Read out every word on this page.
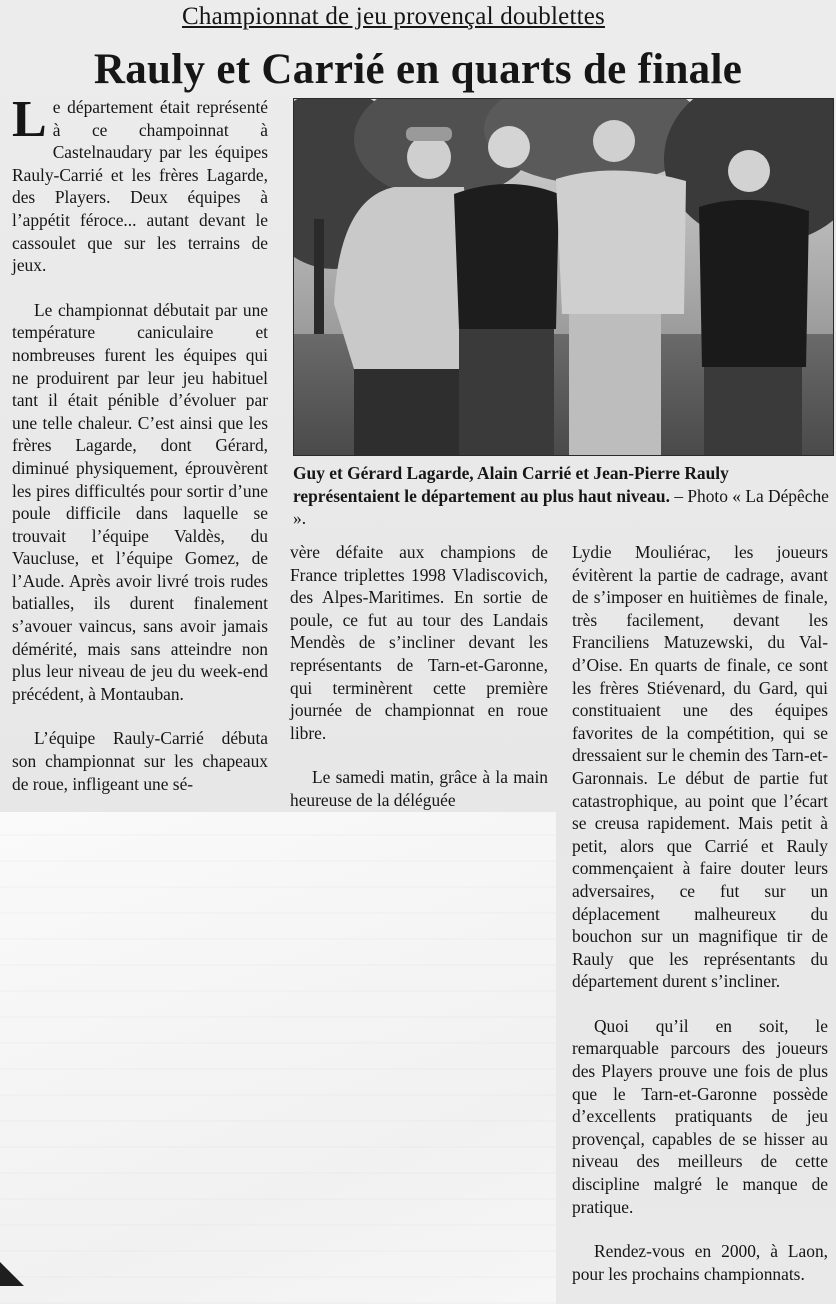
Championnat de jeu provençal doublettes
Rauly et Carrié en quarts de finale

Le département était représenté à ce champoinnat à Castelnaudary par les équipes Rauly-Carrié et les frères Lagarde, des Players. Deux équipes à l’appétit féroce... autant devant le cassoulet que sur les terrains de jeux.

Le championnat débutait par une température caniculaire et nombreuses furent les équipes qui ne produirent par leur jeu habituel tant il était pénible d’évoluer par une telle chaleur. C’est ainsi que les frères Lagarde, dont Gérard, diminué physiquement, éprouvèrent les pires difficultés pour sortir d’une poule difficile dans laquelle se trouvait l’équipe Valdès, du Vaucluse, et l’équipe Gomez, de l’Aude. Après avoir livré trois rudes batialles, ils durent finalement s’avouer vaincus, sans avoir jamais démérité, mais sans atteindre non plus leur niveau de jeu du week-end précédent, à Montauban.

L’équipe Rauly-Carrié débuta son championnat sur les chapeaux de roue, infligeant une sé-

Guy et Gérard Lagarde, Alain Carrié et Jean-Pierre Rauly représentaient le département au plus haut niveau. – Photo « La Dépêche ».

vère défaite aux champions de France triplettes 1998 Vladiscovich, des Alpes-Maritimes. En sortie de poule, ce fut au tour des Landais Mendès de s’incliner devant les représentants de Tarn-et-Garonne, qui terminèrent cette première journée de championnat en roue libre.

Le samedi matin, grâce à la main heureuse de la déléguée

Lydie Mouliérac, les joueurs évitèrent la partie de cadrage, avant de s’imposer en huitièmes de finale, très facilement, devant les Franciliens Matuzewski, du Val-d’Oise. En quarts de finale, ce sont les frères Stiévenard, du Gard, qui constituaient une des équipes favorites de la compétition, qui se dressaient sur le chemin des Tarn-et-Garonnais. Le début de partie fut catastrophique, au point que l’écart se creusa rapidement. Mais petit à petit, alors que Carrié et Rauly commençaient à faire douter leurs adversaires, ce fut sur un déplacement malheureux du bouchon sur un magnifique tir de Rauly que les représentants du département durent s’incliner.

Quoi qu’il en soit, le remarquable parcours des joueurs des Players prouve une fois de plus que le Tarn-et-Garonne possède d’excellents pratiquants de jeu provençal, capables de se hisser au niveau des meilleurs de cette discipline malgré le manque de pratique.

Rendez-vous en 2000, à Laon, pour les prochains championnats.
